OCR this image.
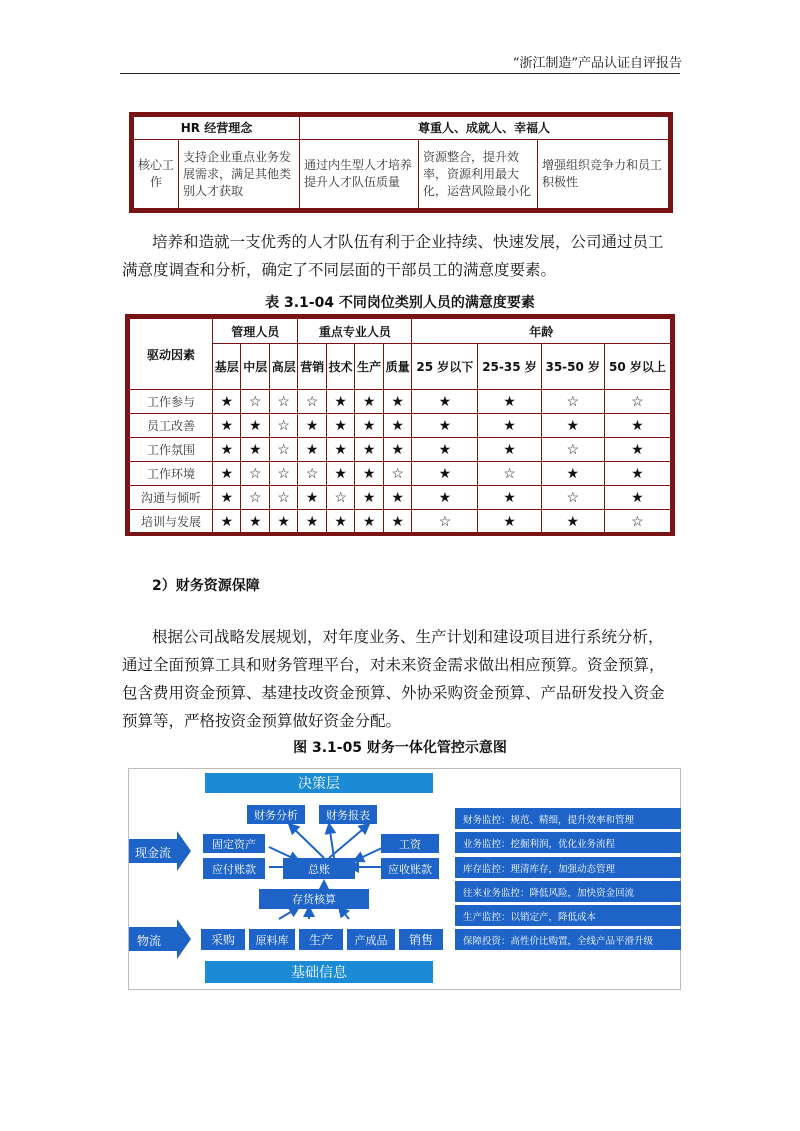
“浙江制造”产品认证自评报告
HR 经营理念		尊重人、成就人、幸福人		
核心工作	支持企业重点业务发展需求，满足其他类别人才获取	通过内生型人才培养提升人才队伍质量	资源整合，提升效率，资源利用最大化，运营风险最小化	增强组织竞争力和员工积极性
培养和造就一支优秀的人才队伍有利于企业持续、快速发展，公司通过员工
满意度调查和分析，确定了不同层面的干部员工的满意度要素。
表 3.1-04 不同岗位类别人员的满意度要素
驱动因素	管理人员			重点专业人员				年龄			
	基层	中层	高层	营销	技术	生产	质量	25 岁以下	25-35 岁	35-50 岁	50 岁以上
工作参与	★	☆	☆	☆	★	★	★	★	★	☆	☆
员工改善	★	★	☆	★	★	★	★	★	★	★	★
工作氛围	★	★	☆	★	★	★	★	★	★	☆	★
工作环境	★	☆	☆	☆	★	★	☆	★	☆	★	★
沟通与倾听	★	☆	☆	★	☆	★	★	★	★	☆	★
培训与发展	★	★	★	★	★	★	★	☆	★	★	☆
2）财务资源保障
根据公司战略发展规划，对年度业务、生产计划和建设项目进行系统分析，
通过全面预算工具和财务管理平台，对未来资金需求做出相应预算。资金预算，
包含费用资金预算、基建技改资金预算、外协采购资金预算、产品研发投入资金
预算等，严格按资金预算做好资金分配。
图 3.1-05 财务一体化管控示意图
决策层
基础信息
财务分析	财务报表
固定资产	工资
应付账款	总账	应收账款
存货核算
现金流
物流	采购	原料库	生产	产成品	销售
财务监控：规范、精细，提升效率和管理
业务监控：挖掘利润，优化业务流程
库存监控：理清库存，加强动态管理
往来业务监控：降低风险，加快资金回流
生产监控：以销定产，降低成本
保障投资：高性价比购置，全线产品平滑升级
